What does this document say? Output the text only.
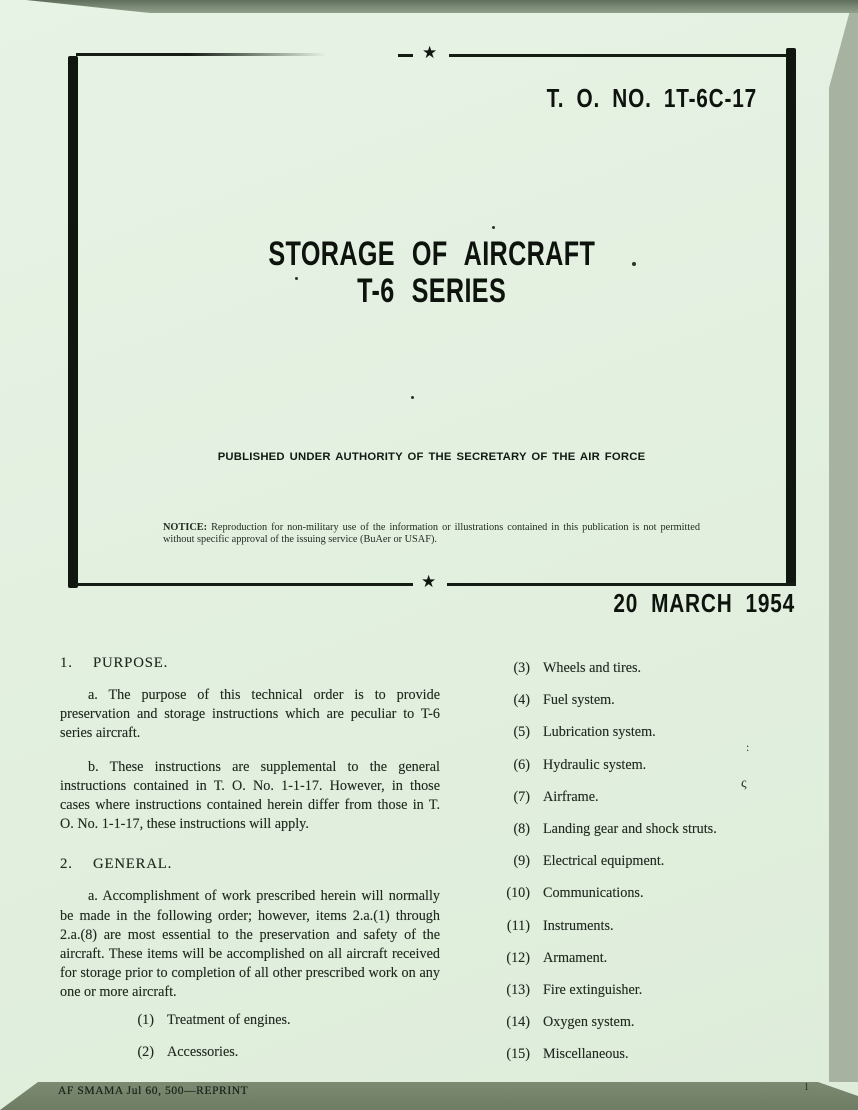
AF SMAMA Jul 60, 500—REPRINT	1
★
★
T. O. NO. 1T-6C-17
STORAGE OF AIRCRAFT
T-6 SERIES
PUBLISHED UNDER AUTHORITY OF THE SECRETARY OF THE AIR FORCE
NOTICE: Reproduction for non-military use of the information or illustrations contained in this publication is not permitted without specific approval of the issuing service (BuAer or USAF).
20 MARCH 1954
1. PURPOSE.

a. The purpose of this technical order is to provide preservation and storage instructions which are peculiar to T-6 series aircraft.

b. These instructions are supplemental to the general instructions contained in T. O. No. 1-1-17. However, in those cases where instructions contained herein differ from those in T. O. No. 1-1-17, these instructions will apply.

2. GENERAL.

a. Accomplishment of work prescribed herein will normally be made in the following order; however, items 2.a.(1) through 2.a.(8) are most essential to the preservation and safety of the aircraft. These items will be accomplished on all aircraft received for storage prior to completion of all other prescribed work on any one or more aircraft.

(1) Treatment of engines.
(2) Accessories.
(3) Wheels and tires.
(4) Fuel system.
(5) Lubrication system.
(6) Hydraulic system.
(7) Airframe.
(8) Landing gear and shock struts.
(9) Electrical equipment.
(10) Communications.
(11) Instruments.
(12) Armament.
(13) Fire extinguisher.
(14) Oxygen system.
(15) Miscellaneous.
:
ς
